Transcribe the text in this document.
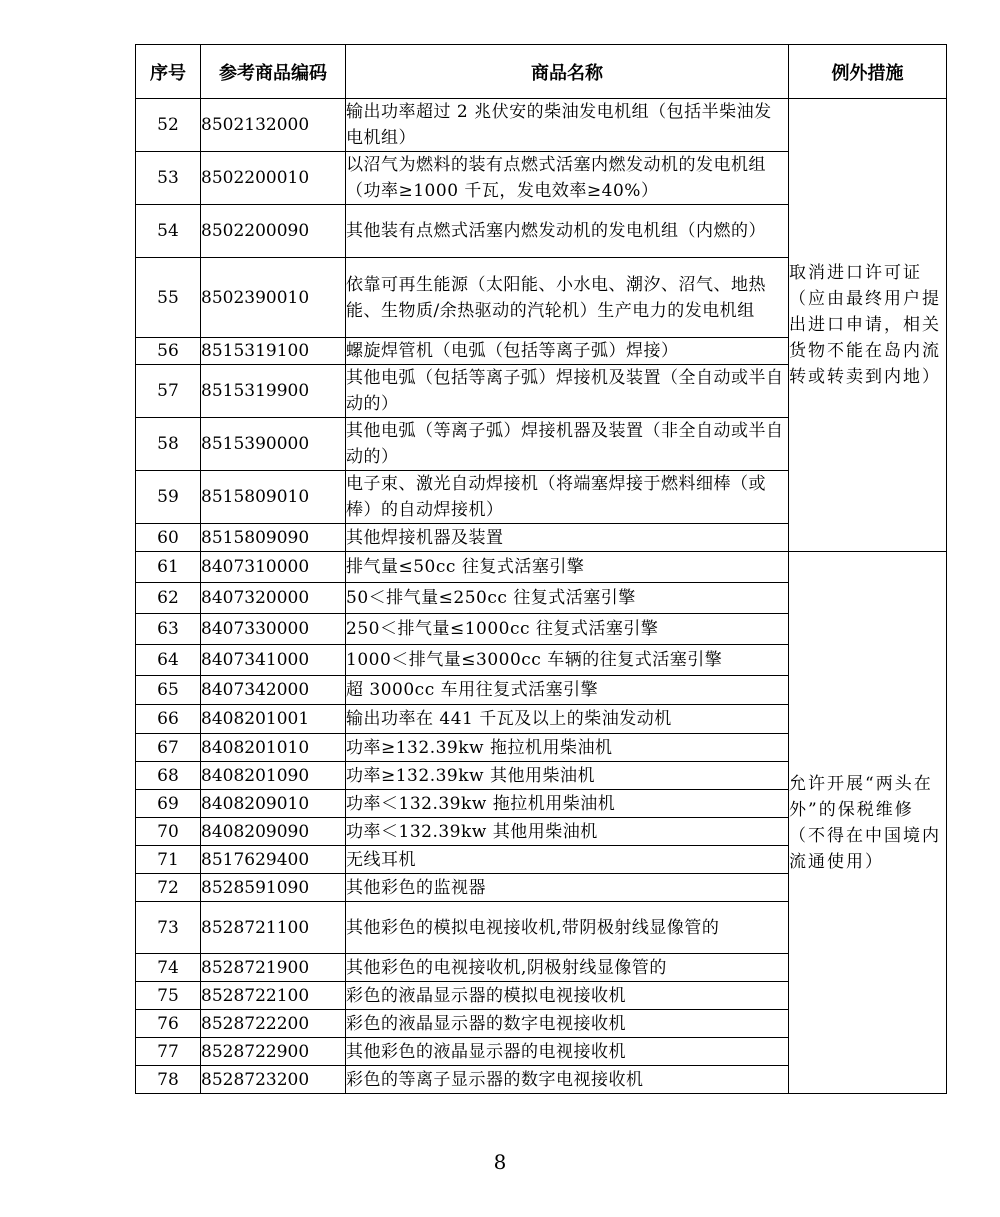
序号	参考商品编码	商品名称	例外措施
52	8502132000	输出功率超过 2 兆伏安的柴油发电机组（包括半柴油发电机组）	取消进口许可证（应由最终用户提出进口申请，相关货物不能在岛内流转或转卖到内地）
53	8502200010	以沼气为燃料的装有点燃式活塞内燃发动机的发电机组（功率≥1000 千瓦，发电效率≥40%）	
54	8502200090	其他装有点燃式活塞内燃发动机的发电机组（内燃的）	
55	8502390010	依靠可再生能源（太阳能、小水电、潮汐、沼气、地热能、生物质/余热驱动的汽轮机）生产电力的发电机组	
56	8515319100	螺旋焊管机（电弧（包括等离子弧）焊接）	
57	8515319900	其他电弧（包括等离子弧）焊接机及装置（全自动或半自动的）	
58	8515390000	其他电弧（等离子弧）焊接机器及装置（非全自动或半自动的）	
59	8515809010	电子束、激光自动焊接机（将端塞焊接于燃料细棒（或棒）的自动焊接机）	
60	8515809090	其他焊接机器及装置	
61	8407310000	排气量≤50cc 往复式活塞引擎	允许开展“两头在外”的保税维修（不得在中国境内流通使用）
62	8407320000	50＜排气量≤250cc 往复式活塞引擎	
63	8407330000	250＜排气量≤1000cc 往复式活塞引擎	
64	8407341000	1000＜排气量≤3000cc 车辆的往复式活塞引擎	
65	8407342000	超 3000cc 车用往复式活塞引擎	
66	8408201001	输出功率在 441 千瓦及以上的柴油发动机	
67	8408201010	功率≥132.39kw 拖拉机用柴油机	
68	8408201090	功率≥132.39kw 其他用柴油机	
69	8408209010	功率＜132.39kw 拖拉机用柴油机	
70	8408209090	功率＜132.39kw 其他用柴油机	
71	8517629400	无线耳机	
72	8528591090	其他彩色的监视器	
73	8528721100	其他彩色的模拟电视接收机,带阴极射线显像管的	
74	8528721900	其他彩色的电视接收机,阴极射线显像管的	
75	8528722100	彩色的液晶显示器的模拟电视接收机	
76	8528722200	彩色的液晶显示器的数字电视接收机	
77	8528722900	其他彩色的液晶显示器的电视接收机	
78	8528723200	彩色的等离子显示器的数字电视接收机	
8
